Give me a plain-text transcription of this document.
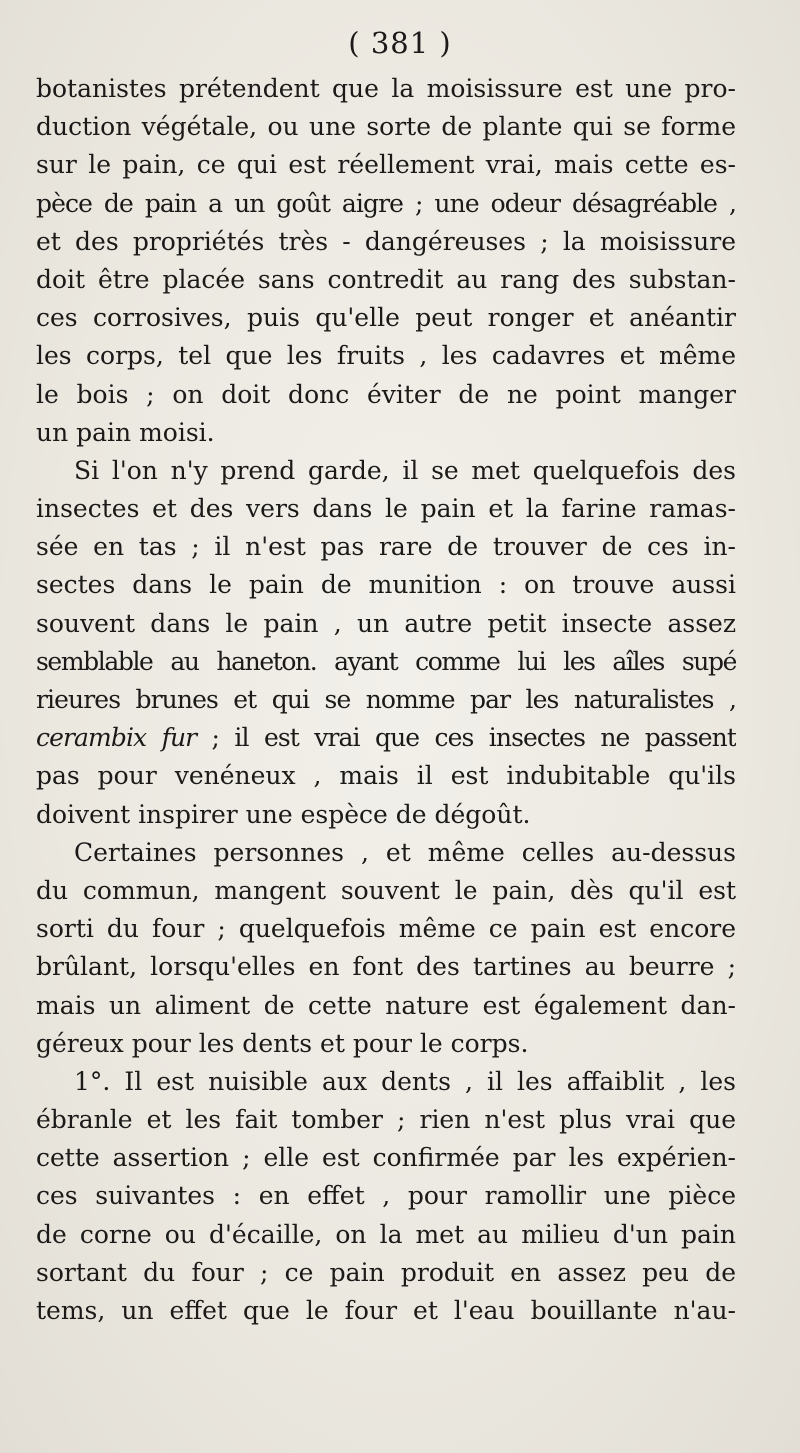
( 381 )
botanistes prétendent que la moisissure est une pro-
duction végétale, ou une sorte de plante qui se forme
sur le pain, ce qui est réellement vrai, mais cette es-
pèce de pain a un goût aigre ; une odeur désagréable ,
et des propriétés très - dangéreuses ; la moisissure
doit être placée sans contredit au rang des substan-
ces corrosives, puis qu'elle peut ronger et anéantir
les corps, tel que les fruits , les cadavres et même
le bois ; on doit donc éviter de ne point manger
un pain moisi.
Si l'on n'y prend garde, il se met quelquefois des
insectes et des vers dans le pain et la farine ramas-
sée en tas ; il n'est pas rare de trouver de ces in-
sectes dans le pain de munition : on trouve aussi
souvent dans le pain , un autre petit insecte assez
semblable au haneton. ayant comme lui les aîles supé
rieures brunes et qui se nomme par les naturalistes ,
cerambix fur ; il est vrai que ces insectes ne passent
pas pour venéneux , mais il est indubitable qu'ils
doivent inspirer une espèce de dégoût.
Certaines personnes , et même celles au-dessus
du commun, mangent souvent le pain, dès qu'il est
sorti du four ; quelquefois même ce pain est encore
brûlant, lorsqu'elles en font des tartines au beurre ;
mais un aliment de cette nature est également dan-
géreux pour les dents et pour le corps.
1°. Il est nuisible aux dents , il les affaiblit , les
ébranle et les fait tomber ; rien n'est plus vrai que
cette assertion ; elle est confirmée par les expérien-
ces suivantes : en effet , pour ramollir une pièce
de corne ou d'écaille, on la met au milieu d'un pain
sortant du four ; ce pain produit en assez peu de
tems, un effet que le four et l'eau bouillante n'au-
